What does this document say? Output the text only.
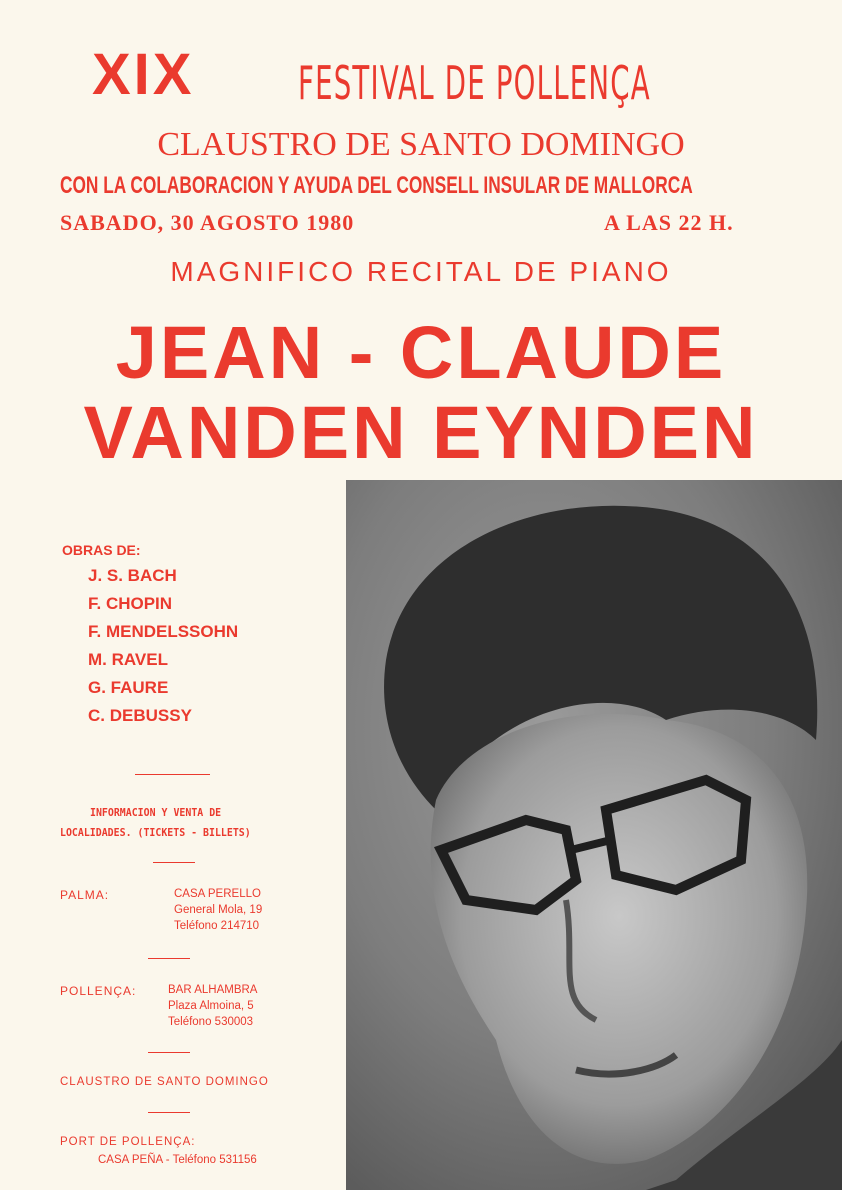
XIX FESTIVAL DE POLLENÇA
CLAUSTRO DE SANTO DOMINGO
CON LA COLABORACION Y AYUDA DEL CONSELL INSULAR DE MALLORCA
SABADO, 30 AGOSTO 1980	A LAS 22 H.
MAGNIFICO RECITAL DE PIANO
JEAN - CLAUDE
VANDEN EYNDEN
OBRAS DE:
J. S. BACH
F. CHOPIN
F. MENDELSSOHN
M. RAVEL
G. FAURE
C. DEBUSSY
INFORMACION Y VENTA DE
LOCALIDADES. (TICKETS - BILLETS)
PALMA:	CASA PERELLO
General Mola, 19
Teléfono 214710
POLLENÇA:	BAR ALHAMBRA
Plaza Almoina, 5
Teléfono 530003
CLAUSTRO DE SANTO DOMINGO
PORT DE POLLENÇA:
CASA PEÑA - Teléfono 531156
